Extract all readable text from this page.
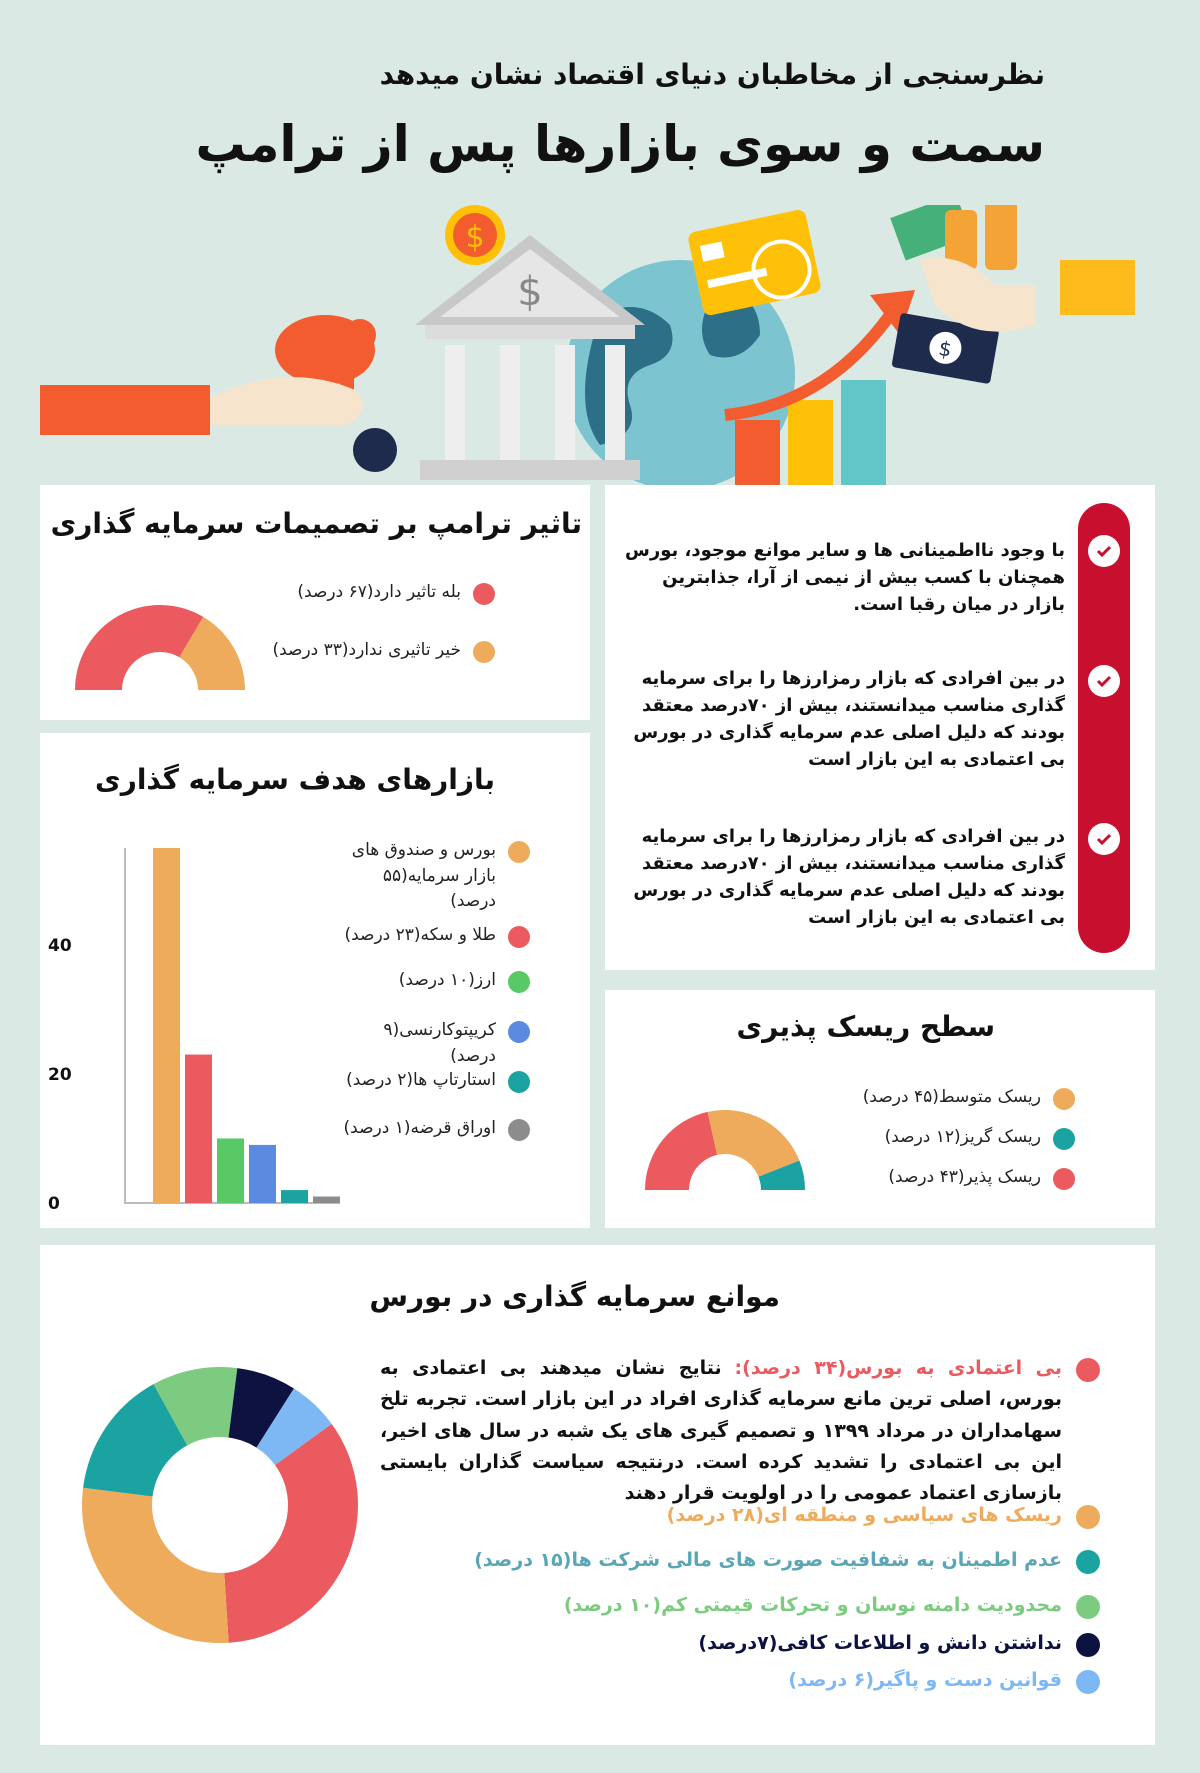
نظرسنجی از مخاطبان دنیای اقتصاد نشان میدهد
سمت و سوی بازارها پس از ترامپ
$
$
$
تاثیر ترامپ بر تصمیمات سرمایه گذاری
بله تاثیر دارد(۶۷ درصد)
خیر تاثیری ندارد(۳۳ درصد)
بازارهای هدف سرمایه گذاری
0
20
40
بورس و صندوق های بازار سرمایه(۵۵ درصد)
طلا و سکه(۲۳ درصد)
ارز(۱۰ درصد)
کریپتوکارنسی(۹ درصد)
استارتاپ ها(۲ درصد)
اوراق قرضه(۱ درصد)
با وجود نااطمینانی ها و سایر موانع موجود، بورس همچنان با کسب بیش از نیمی از آرا، جذابترین بازار در میان رقبا است.
در بین افرادی که بازار رمزارزها را برای سرمایه گذاری مناسب میدانستند، بیش از ۷۰درصد معتقد بودند که دلیل اصلی عدم سرمایه گذاری در بورس بی اعتمادی به این بازار است
در بین افرادی که بازار رمزارزها را برای سرمایه گذاری مناسب میدانستند، بیش از ۷۰درصد معتقد بودند که دلیل اصلی عدم سرمایه گذاری در بورس بی اعتمادی به این بازار است
سطح ریسک پذیری
ریسک متوسط(۴۵ درصد)
ریسک گریز(۱۲ درصد)
ریسک پذیر(۴۳ درصد)
موانع سرمایه گذاری در بورس
بی اعتمادی به بورس(۳۴ درصد): نتایج نشان میدهند بی اعتمادی به بورس، اصلی ترین مانع سرمایه گذاری افراد در این بازار است. تجربه تلخ سهامداران در مرداد ۱۳۹۹ و تصمیم گیری های یک شبه در سال های اخیر، این بی اعتمادی را تشدید کرده است. درنتیجه سیاست گذاران بایستی بازسازی اعتماد عمومی را در اولویت قرار دهند
ریسک های سیاسی و منطقه ای(۲۸ درصد)
عدم اطمینان به شفافیت صورت های مالی شرکت ها(۱۵ درصد)
محدودیت دامنه نوسان و تحرکات قیمتی کم(۱۰ درصد)
نداشتن دانش و اطلاعات کافی(۷درصد)
قوانین دست و پاگیر(۶ درصد)
